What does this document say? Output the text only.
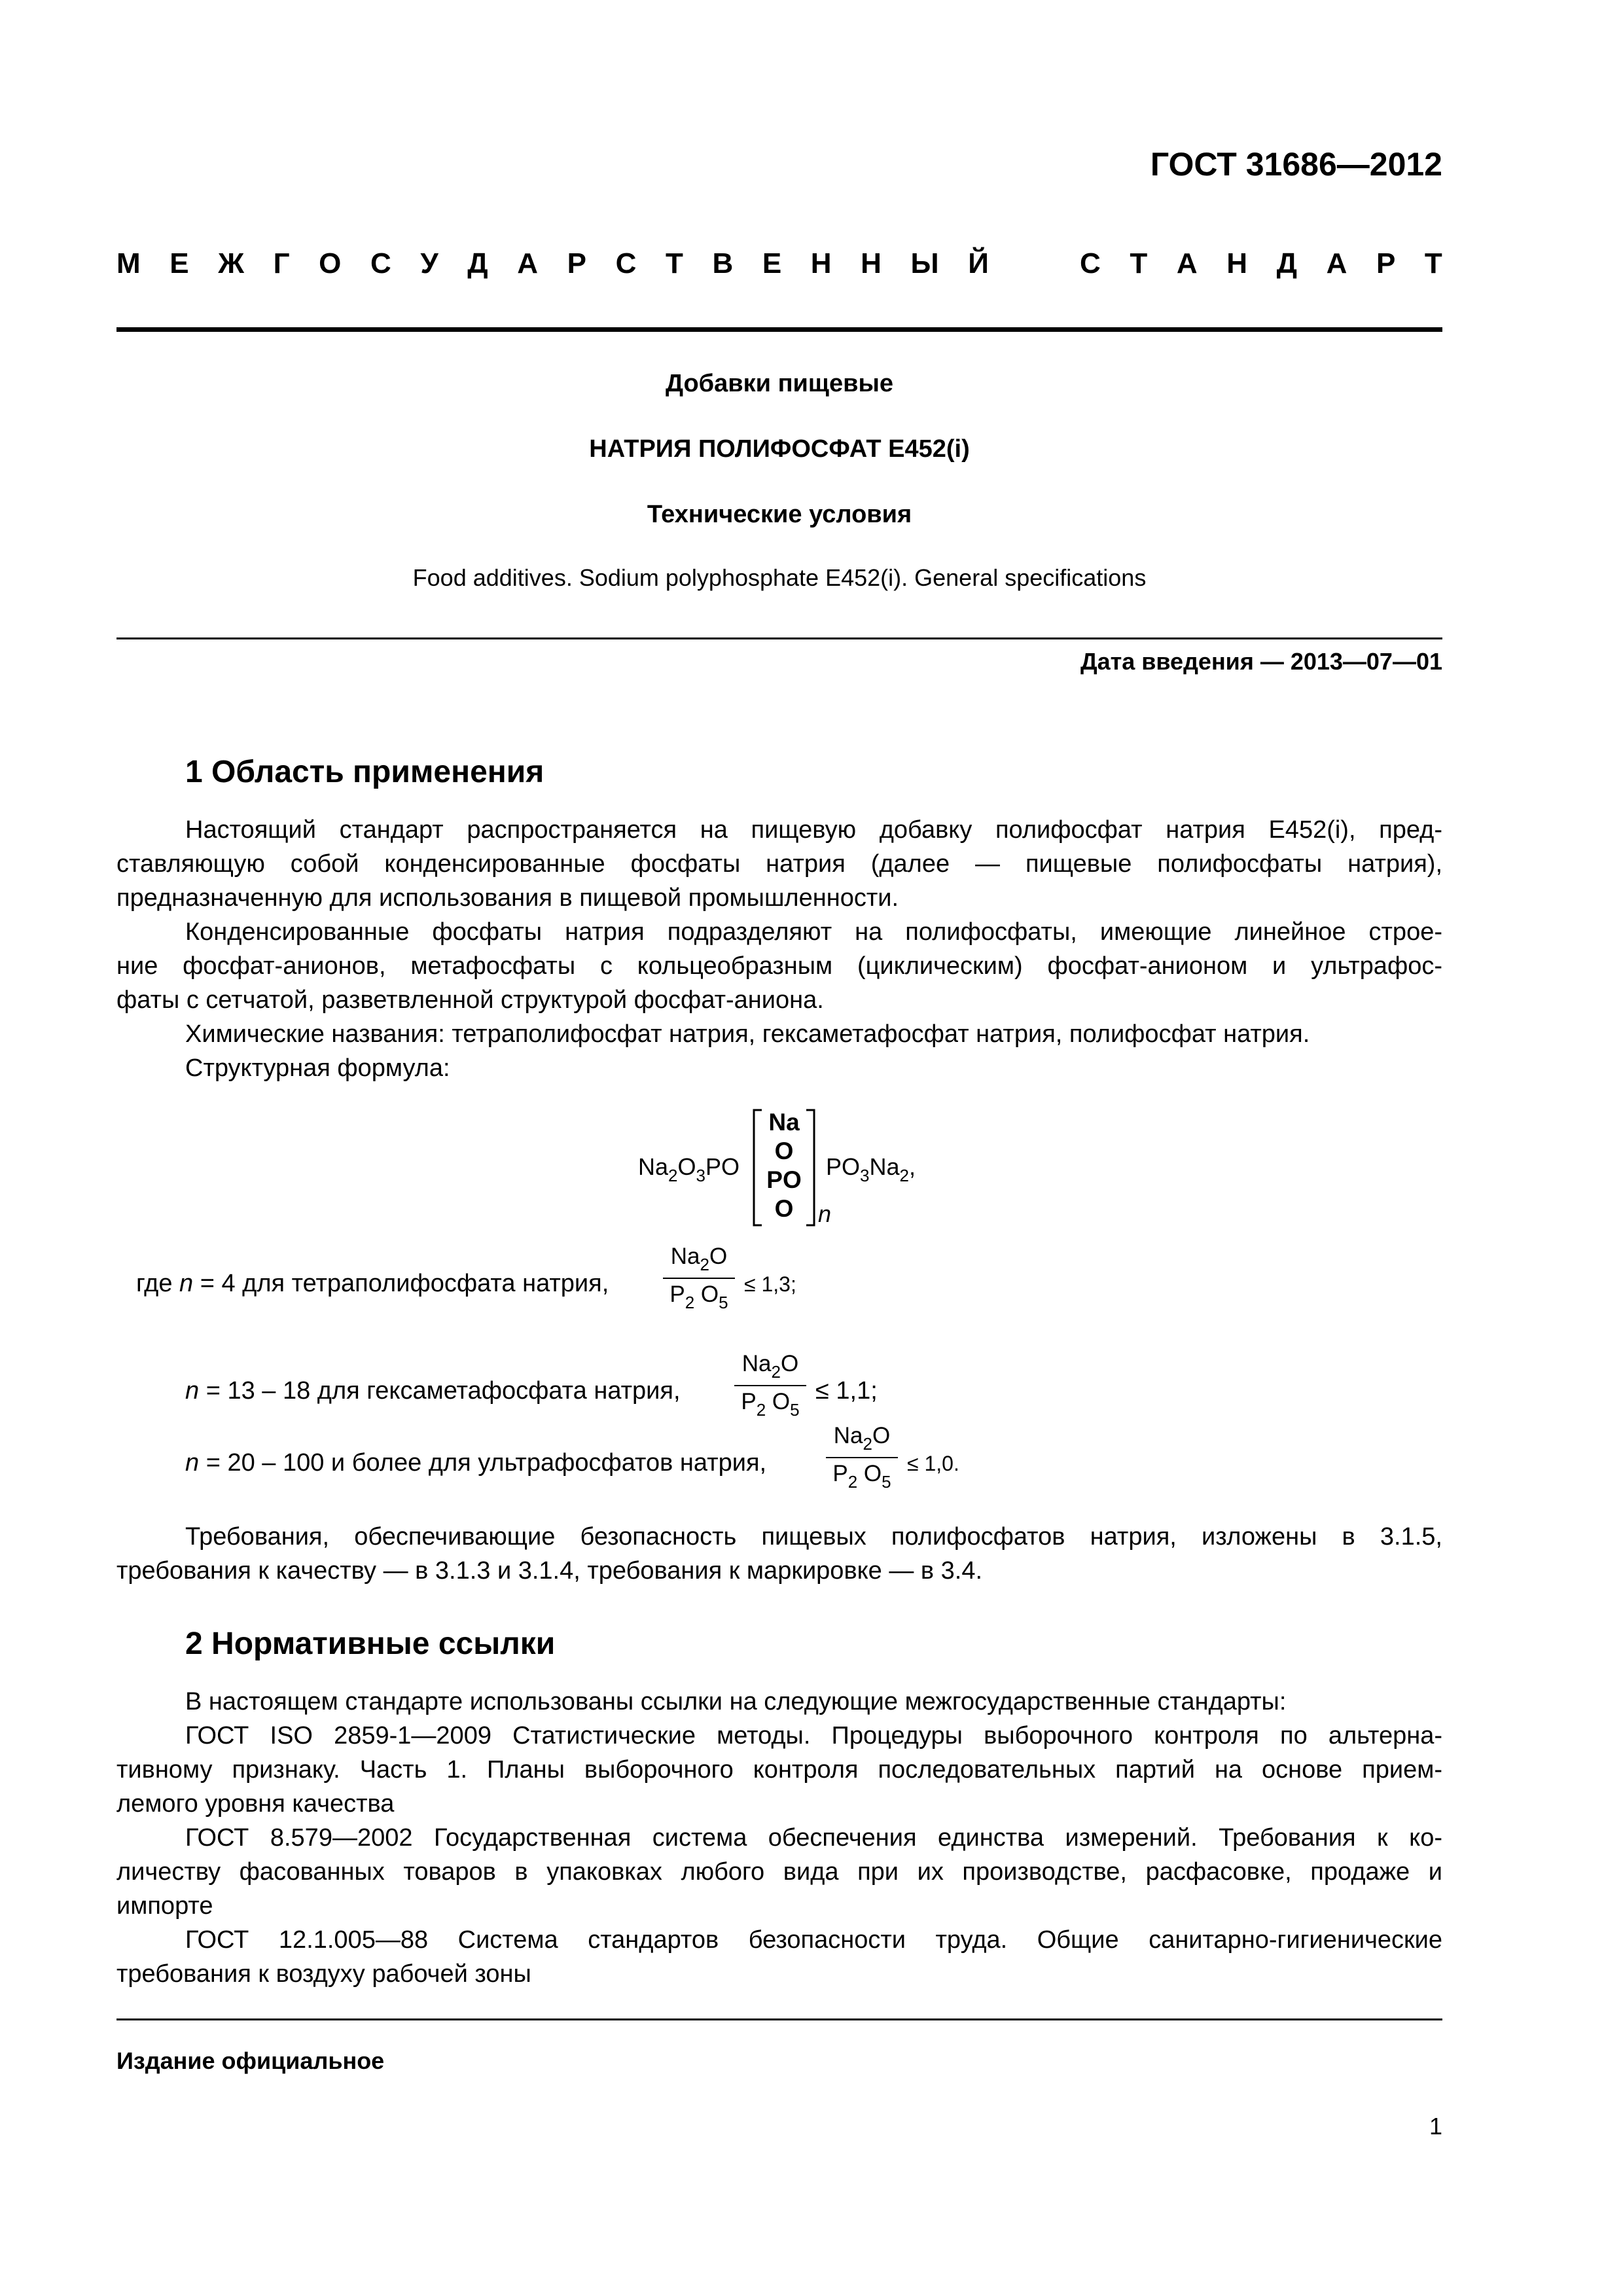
ГОСТ 31686—2012
М Е Ж Г О С У Д А Р С Т В Е Н Н Ы Й	С Т А Н Д А Р Т
Добавки пищевые
НАТРИЯ ПОЛИФОСФАТ Е452(i)
Технические условия
Food additives. Sodium polyphosphate E452(i). General specifications
Дата введения — 2013—07—01
1 Область применения
Настоящий стандарт распространяется на пищевую добавку полифосфат натрия Е452(i), пред-
ставляющую собой конденсированные фосфаты натрия (далее — пищевые полифосфаты натрия),
предназначенную для использования в пищевой промышленности.
Конденсированные фосфаты натрия подразделяют на полифосфаты, имеющие линейное строе-
ние фосфат-анионов, метафосфаты с кольцеобразным (циклическим) фосфат-анионом и ультрафос-
фаты с сетчатой, разветвленной структурой фосфат-аниона.
Химические названия: тетраполифосфат натрия, гексаметафосфат натрия, полифосфат натрия.
Структурная формула:
$Na_2O_3PO$
Na
O
PO
O	n
$PO_3Na_2$,
где n = 4 для тетраполифосфата натрия,
$Na_2O$
$P_2$ $O_5$
≤ 1,3;
n = 13 – 18 для гексаметафосфата натрия,
$Na_2O$
$P_2$ $O_5$
≤ 1,1;
n = 20 – 100 и более для ультрафосфатов натрия,
$Na_2O$
$P_2$ $O_5$
≤ 1,0.
Требования, обеспечивающие безопасность пищевых полифосфатов натрия, изложены в 3.1.5,
требования к качеству — в 3.1.3 и 3.1.4, требования к маркировке — в 3.4.
2 Нормативные ссылки
В настоящем стандарте использованы ссылки на следующие межгосударственные стандарты:
ГОСТ ISO 2859-1—2009 Статистические методы. Процедуры выборочного контроля по альтерна-
тивному признаку. Часть 1. Планы выборочного контроля последовательных партий на основе прием-
лемого уровня качества
ГОСТ 8.579—2002 Государственная система обеспечения единства измерений. Требования к ко-
личеству фасованных товаров в упаковках любого вида при их производстве, расфасовке, продаже и
импорте
ГОСТ 12.1.005—88 Система стандартов безопасности труда. Общие санитарно-гигиенические
требования к воздуху рабочей зоны
Издание официальное
1
